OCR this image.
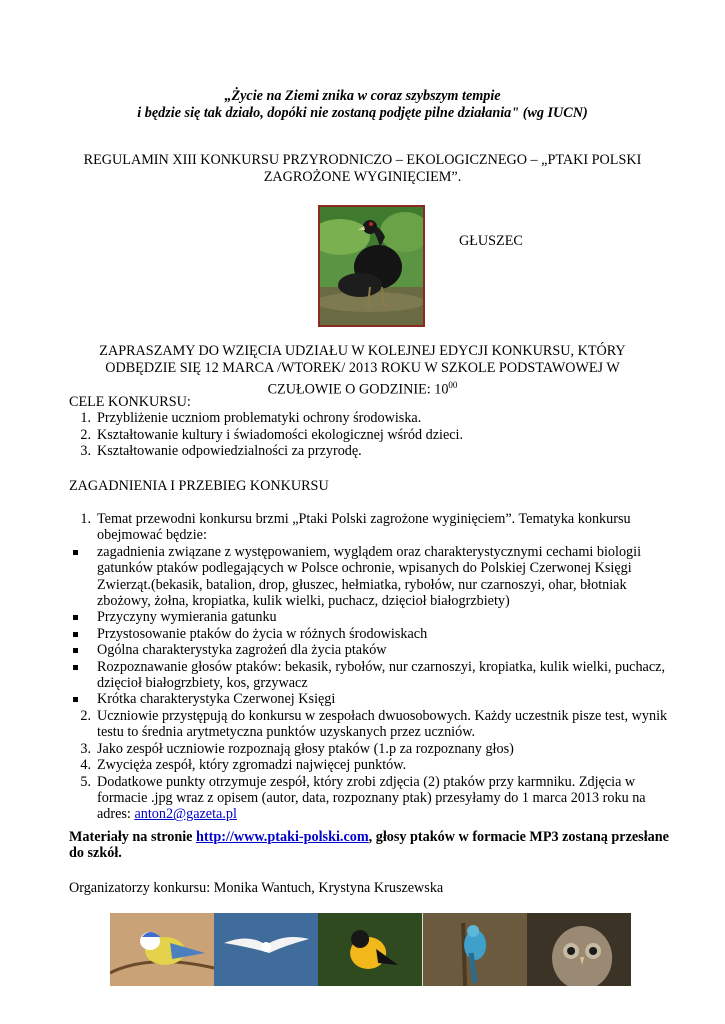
„Życie na Ziemi znika w coraz szybszym tempie
i będzie się tak działo, dopóki nie zostaną podjęte pilne działania" (wg IUCN)
REGULAMIN XIII KONKURSU PRZYRODNICZO – EKOLOGICZNEGO – „PTAKI POLSKI
ZAGROŻONE WYGINIĘCIEM”.
GŁUSZEC
ZAPRASZAMY DO WZIĘCIA UDZIAŁU W KOLEJNEJ EDYCJI KONKURSU, KTÓRY
ODBĘDZIE SIĘ 12 MARCA /WTOREK/ 2013 ROKU W SZKOLE PODSTAWOWEJ W
CZUŁOWIE O GODZINIE: $10^{00}$
CELE KONKURSU:
1. Przybliżenie uczniom problematyki ochrony środowiska.
2. Kształtowanie kultury i świadomości ekologicznej wśród dzieci.
3. Kształtowanie odpowiedzialności za przyrodę.
ZAGADNIENIA I PRZEBIEG KONKURSU
1. Temat przewodni konkursu brzmi „Ptaki Polski zagrożone wyginięciem”. Tematyka konkursu obejmować będzie:
zagadnienia związane z występowaniem, wyglądem oraz charakterystycznymi cechami biologii gatunków ptaków podlegających w Polsce ochronie, wpisanych do Polskiej Czerwonej Księgi Zwierząt.(bekasik, batalion, drop, głuszec, hełmiatka, rybołów, nur czarnoszyi, ohar, błotniak zbożowy, żołna, kropiatka, kulik wielki, puchacz, dzięcioł białogrzbiety)
Przyczyny wymierania gatunku
Przystosowanie ptaków do życia w różnych środowiskach
Ogólna charakterystyka zagrożeń dla życia ptaków
Rozpoznawanie głosów ptaków: bekasik, rybołów, nur czarnoszyi, kropiatka, kulik wielki, puchacz, dzięcioł białogrzbiety, kos, grzywacz
Krótka charakterystyka Czerwonej Księgi
2. Uczniowie przystępują do konkursu w zespołach dwuosobowych. Każdy uczestnik pisze test, wynik testu to średnia arytmetyczna punktów uzyskanych przez uczniów.
3. Jako zespół uczniowie rozpoznają głosy ptaków (1.p za rozpoznany głos)
4. Zwycięża zespół, który zgromadzi najwięcej punktów.
5. Dodatkowe punkty otrzymuje zespół, który zrobi zdjęcia (2) ptaków przy karmniku. Zdjęcia w formacie .jpg wraz z opisem (autor, data, rozpoznany ptak) przesyłamy do 1 marca 2013 roku na adres: anton2@gazeta.pl
Materiały na stronie http://www.ptaki-polski.com, głosy ptaków w formacie MP3 zostaną przesłane do szkół.
Organizatorzy konkursu: Monika Wantuch, Krystyna Kruszewska
